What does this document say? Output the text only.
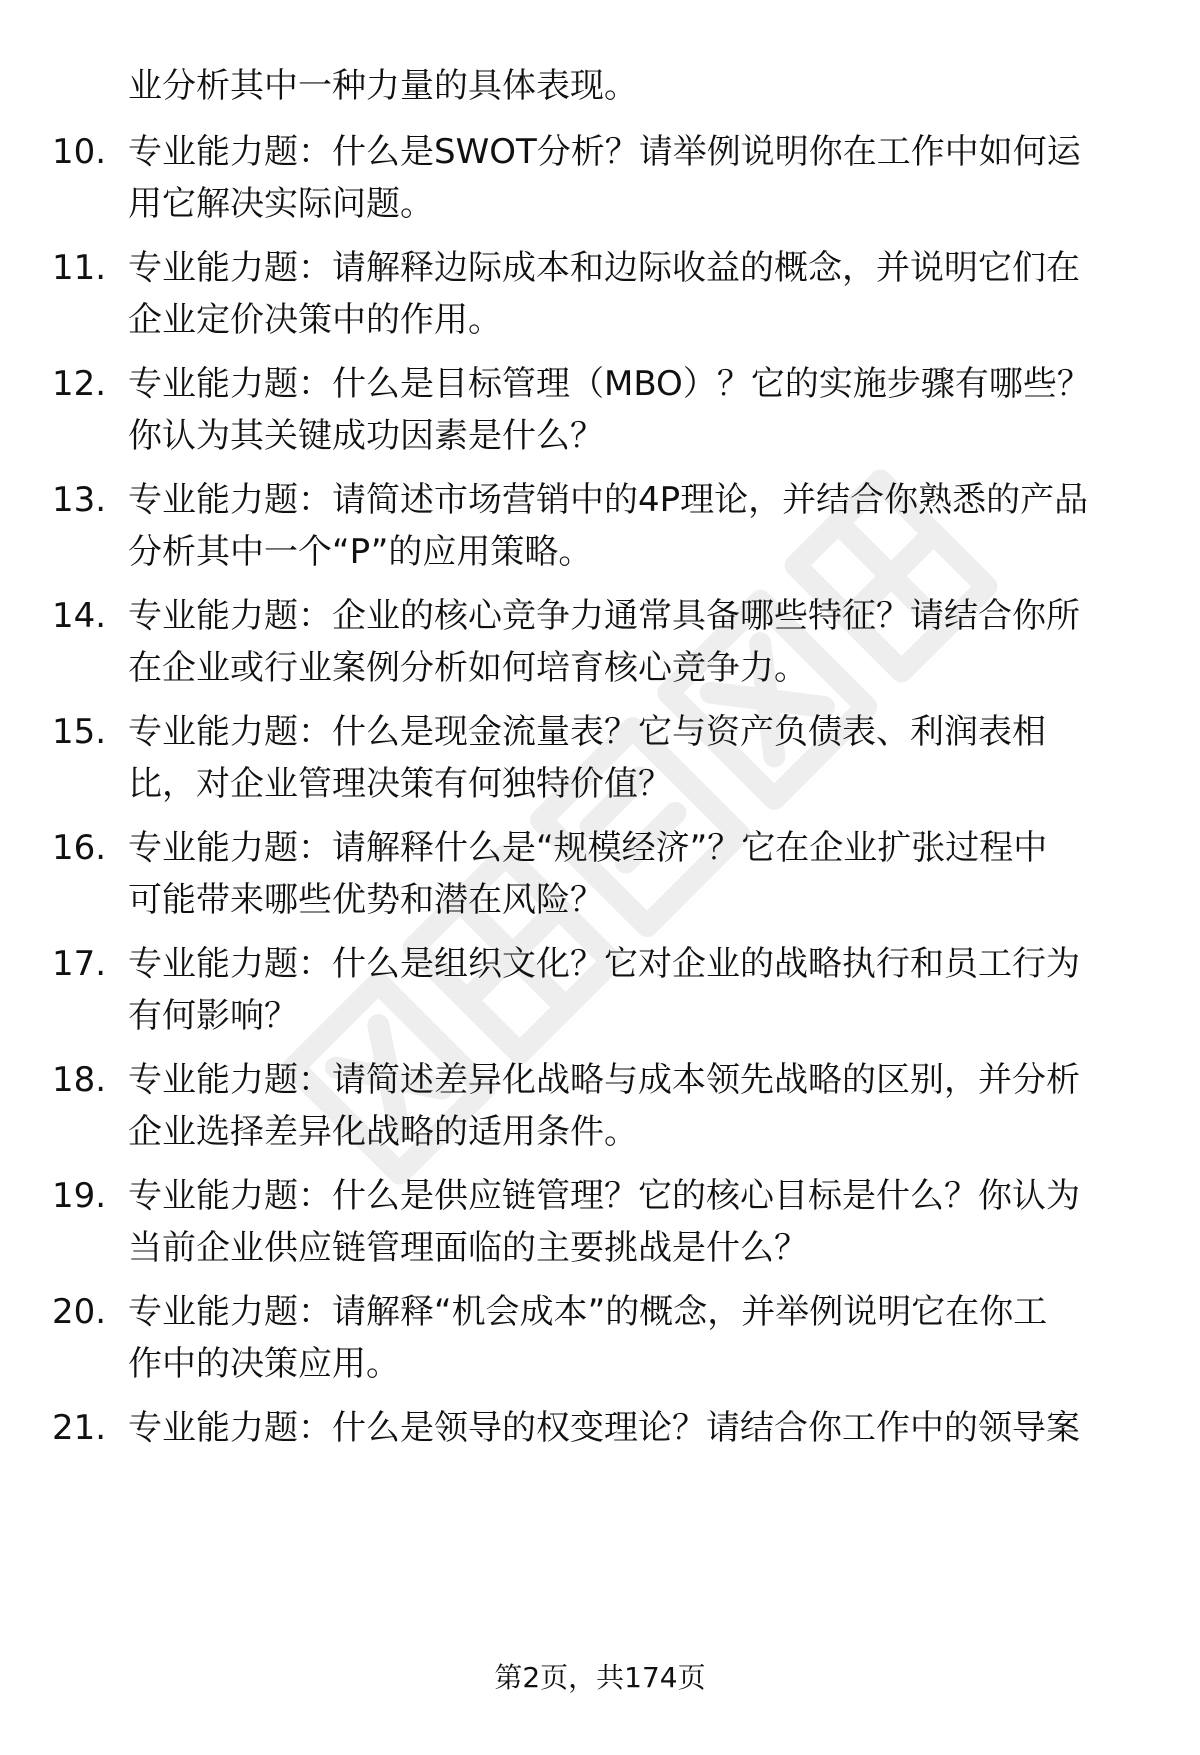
业分析其中一种力量的具体表现。
10. 专业能力题：什么是SWOT分析？请举例说明你在工作中如何运
用它解决实际问题。
11. 专业能力题：请解释边际成本和边际收益的概念，并说明它们在
企业定价决策中的作用。
12. 专业能力题：什么是目标管理（MBO）？它的实施步骤有哪些？
你认为其关键成功因素是什么？
13. 专业能力题：请简述市场营销中的4P理论，并结合你熟悉的产品
分析其中一个“P”的应用策略。
14. 专业能力题：企业的核心竞争力通常具备哪些特征？请结合你所
在企业或行业案例分析如何培育核心竞争力。
15. 专业能力题：什么是现金流量表？它与资产负债表、利润表相
比，对企业管理决策有何独特价值？
16. 专业能力题：请解释什么是“规模经济”？它在企业扩张过程中
可能带来哪些优势和潜在风险？
17. 专业能力题：什么是组织文化？它对企业的战略执行和员工行为
有何影响？
18. 专业能力题：请简述差异化战略与成本领先战略的区别，并分析
企业选择差异化战略的适用条件。
19. 专业能力题：什么是供应链管理？它的核心目标是什么？你认为
当前企业供应链管理面临的主要挑战是什么？
20. 专业能力题：请解释“机会成本”的概念，并举例说明它在你工
作中的决策应用。
21. 专业能力题：什么是领导的权变理论？请结合你工作中的领导案
第2页，共174页
